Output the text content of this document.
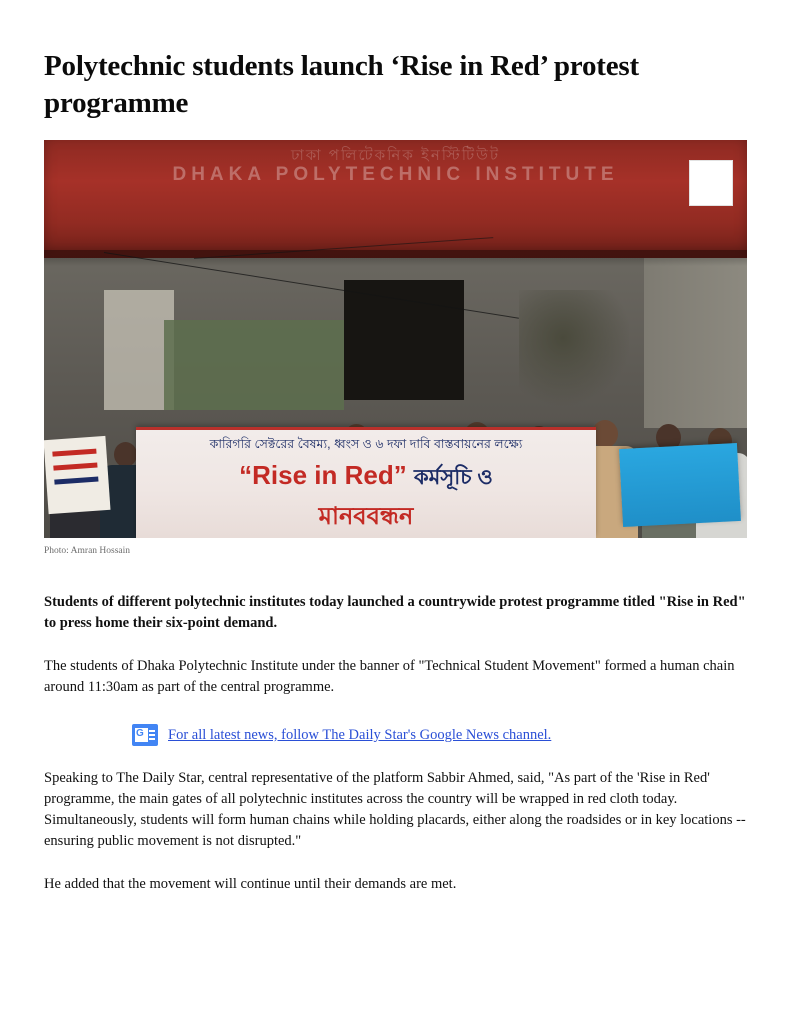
Polytechnic students launch ‘Rise in Red’ protest programme
ঢাকা পলিটেকনিক ইনস্টিটিউট
DHAKA POLYTECHNIC INSTITUTE
কারিগরি সেক্টরের বৈষম্য, ধ্বংস ও ৬ দফা দাবি বাস্তবায়নের লক্ষ্যে
“Rise in Red” কর্মসূচি ও
মানববন্ধন
Photo: Amran Hossain

Students of different polytechnic institutes today launched a countrywide protest programme titled "Rise in Red" to press home their six-point demand.

The students of Dhaka Polytechnic Institute under the banner of "Technical Student Movement" formed a human chain around 11:30am as part of the central programme.

G
For all latest news, follow The Daily Star's Google News channel.

Speaking to The Daily Star, central representative of the platform Sabbir Ahmed, said, "As part of the 'Rise in Red' programme, the main gates of all polytechnic institutes across the country will be wrapped in red cloth today. Simultaneously, students will form human chains while holding placards, either along the roadsides or in key locations -- ensuring public movement is not disrupted."

He added that the movement will continue until their demands are met.
